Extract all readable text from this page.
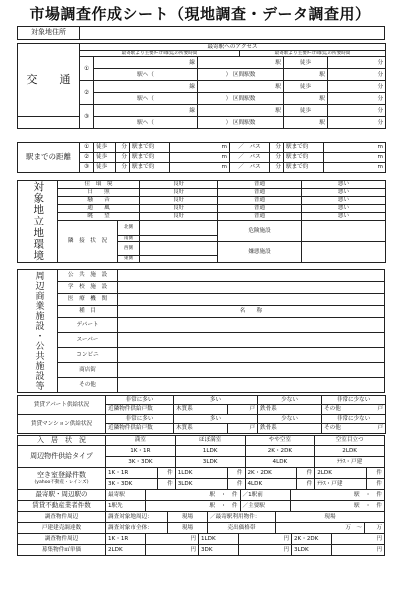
市場調査作成シート（現地調査・データ調査用）
対象地住所	
交　　通	最寄駅へのアクセス					
	最寄駅より主要ﾀｰﾐﾅﾙ駅迄の所要時間			最寄駅より主要ﾀｰﾐﾅﾙ駅迄の所要時間		
	①	線	駅		徒歩	分
		駅へ（	） 区間駅数		駅	分
	②	線	駅		徒歩	分
		駅へ（	） 区間駅数		駅	分
	③	線	駅		徒歩	分
		駅へ（	） 区間駅数		駅	分
駅までの距離	①	徒歩	分	駅まで約	m	／　バス	分	駅まで約	m
	②	徒歩	分	駅まで約	m	／　バス	分	駅まで約	m
	③	徒歩	分	駅まで約	m	／　バス	分	駅まで約	m
対象地立地環境	住　環　境		良好	普通	悪い
	日　　照		良好	普通	悪い
	騒　　音		良好	普通	悪い
	通　　風		良好	普通	悪い
	眺　　望		良好	普通	悪い
	隣　接　状　況	北側		危険施設	
		南側			
		西側		嫌悪施設	
		東側			
周辺商業施設・公共施設等	公　共　施　設	
	学　校　施　設	
	医　療　機　関	
	種　目	名　　称
	デパート	
	スーパー	
	コンビニ	
	商店街	
	その他	
賃貸アパート供給状況	非常に多い	多い		少ない	非常に少ない
	近隣物件供給戸数	木質系	戸	鉄骨系	その他 戸

賃貸マンション供給状況	非常に多い	多い		少ない	非常に少ない
	近隣物件供給戸数	木質系	戸	鉄骨系	その他 戸
入　居　状　況	満室	ほぼ満室	やや空室	空室目立つ
周辺物件供給タイプ	1K・1R	1LDK	2K・2DK	2LDK
	3K・3DK	3LDK	4LDK	ﾃﾗｽ・戸建
空き室登録件数
(yahoo不動産・レインズ)	1K・1R	件	1LDK	件	2K・2DK	件	2LDK	件
	3K・3DK	件	3LDK	件	4LDK	件	ﾃﾗｽ・戸建	件
最寄駅・周辺駅の	最寄駅	駅　・　件	／1駅前	駅　・　件
賃貸不動産業者件数	1駅先	駅　・　件	／主要駅	駅　・　件
調査物件周辺	調査対象地周辺：	現場	／最寄駅利用物件：	現場	
戸建建売調達数	調査対象市全体：	現場	売出価格帯	万　～	万
調査物件周辺	1K・1R	円	1LDK	円	2K・2DK	円
募集物件㎡単価	2LDK	円	3DK	円	3LDK	円
